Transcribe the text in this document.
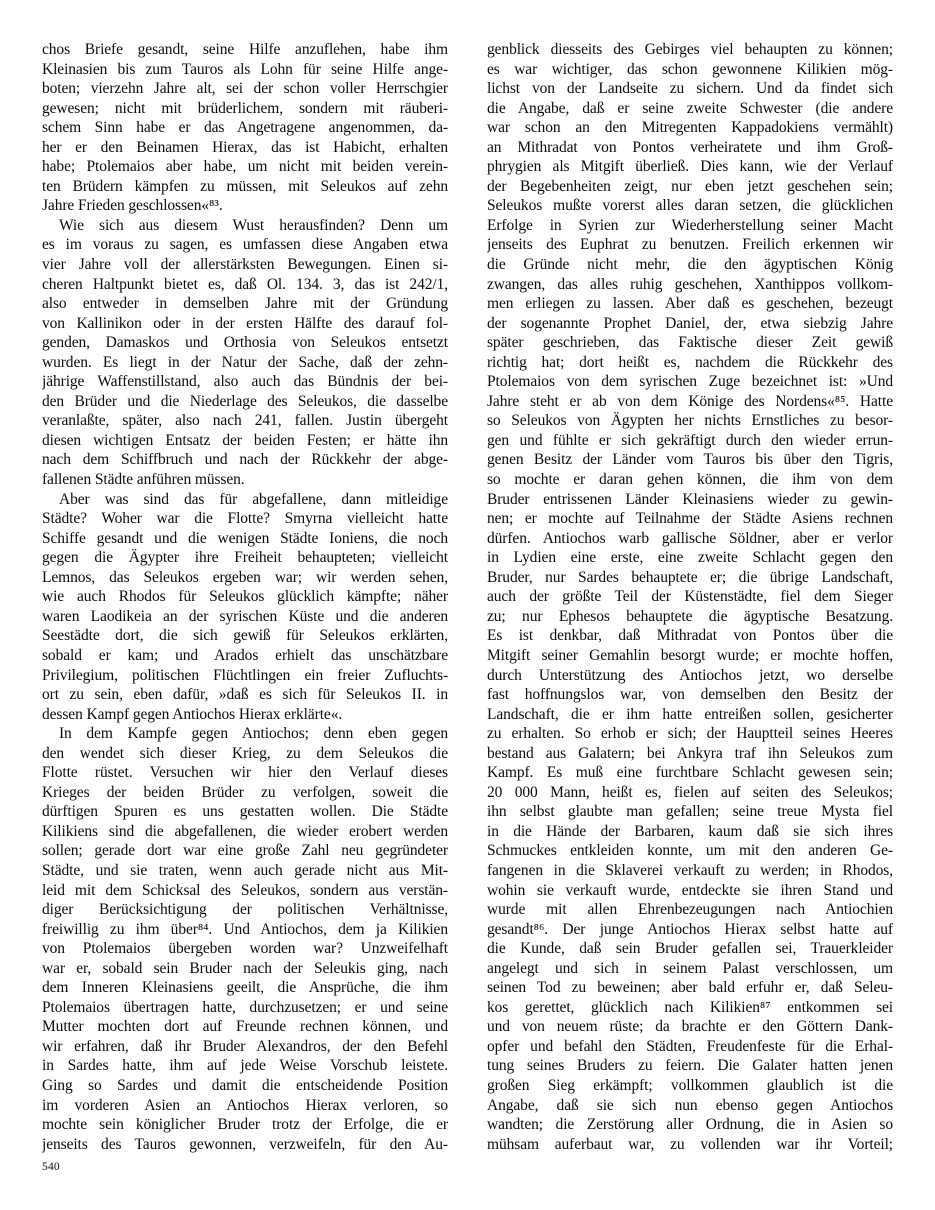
chos Briefe gesandt, seine Hilfe anzuflehen, habe ihm
Kleinasien bis zum Tauros als Lohn für seine Hilfe ange-
boten; vierzehn Jahre alt, sei der schon voller Herrschgier
gewesen; nicht mit brüderlichem, sondern mit räuberi-
schem Sinn habe er das Angetragene angenommen, da-
her er den Beinamen Hierax, das ist Habicht, erhalten
habe; Ptolemaios aber habe, um nicht mit beiden verein-
ten Brüdern kämpfen zu müssen, mit Seleukos auf zehn
Jahre Frieden geschlossen«⁸³.
Wie sich aus diesem Wust herausfinden? Denn um
es im voraus zu sagen, es umfassen diese Angaben etwa
vier Jahre voll der allerstärksten Bewegungen. Einen si-
cheren Haltpunkt bietet es, daß Ol. 134. 3, das ist 242/1,
also entweder in demselben Jahre mit der Gründung
von Kallinikon oder in der ersten Hälfte des darauf fol-
genden, Damaskos und Orthosia von Seleukos entsetzt
wurden. Es liegt in der Natur der Sache, daß der zehn-
jährige Waffenstillstand, also auch das Bündnis der bei-
den Brüder und die Niederlage des Seleukos, die dasselbe
veranlaßte, später, also nach 241, fallen. Justin übergeht
diesen wichtigen Entsatz der beiden Festen; er hätte ihn
nach dem Schiffbruch und nach der Rückkehr der abge-
fallenen Städte anführen müssen.
Aber was sind das für abgefallene, dann mitleidige
Städte? Woher war die Flotte? Smyrna vielleicht hatte
Schiffe gesandt und die wenigen Städte Ioniens, die noch
gegen die Ägypter ihre Freiheit behaupteten; vielleicht
Lemnos, das Seleukos ergeben war; wir werden sehen,
wie auch Rhodos für Seleukos glücklich kämpfte; näher
waren Laodikeia an der syrischen Küste und die anderen
Seestädte dort, die sich gewiß für Seleukos erklärten,
sobald er kam; und Arados erhielt das unschätzbare
Privilegium, politischen Flüchtlingen ein freier Zufluchts-
ort zu sein, eben dafür, »daß es sich für Seleukos II. in
dessen Kampf gegen Antiochos Hierax erklärte«.
In dem Kampfe gegen Antiochos; denn eben gegen
den wendet sich dieser Krieg, zu dem Seleukos die
Flotte rüstet. Versuchen wir hier den Verlauf dieses
Krieges der beiden Brüder zu verfolgen, soweit die
dürftigen Spuren es uns gestatten wollen. Die Städte
Kilikiens sind die abgefallenen, die wieder erobert werden
sollen; gerade dort war eine große Zahl neu gegründeter
Städte, und sie traten, wenn auch gerade nicht aus Mit-
leid mit dem Schicksal des Seleukos, sondern aus verstän-
diger Berücksichtigung der politischen Verhältnisse,
freiwillig zu ihm über⁸⁴. Und Antiochos, dem ja Kilikien
von Ptolemaios übergeben worden war? Unzweifelhaft
war er, sobald sein Bruder nach der Seleukis ging, nach
dem Inneren Kleinasiens geeilt, die Ansprüche, die ihm
Ptolemaios übertragen hatte, durchzusetzen; er und seine
Mutter mochten dort auf Freunde rechnen können, und
wir erfahren, daß ihr Bruder Alexandros, der den Befehl
in Sardes hatte, ihm auf jede Weise Vorschub leistete.
Ging so Sardes und damit die entscheidende Position
im vorderen Asien an Antiochos Hierax verloren, so
mochte sein königlicher Bruder trotz der Erfolge, die er
jenseits des Tauros gewonnen, verzweifeln, für den Au-
genblick diesseits des Gebirges viel behaupten zu können;
es war wichtiger, das schon gewonnene Kilikien mög-
lichst von der Landseite zu sichern. Und da findet sich
die Angabe, daß er seine zweite Schwester (die andere
war schon an den Mitregenten Kappadokiens vermählt)
an Mithradat von Pontos verheiratete und ihm Groß-
phrygien als Mitgift überließ. Dies kann, wie der Verlauf
der Begebenheiten zeigt, nur eben jetzt geschehen sein;
Seleukos mußte vorerst alles daran setzen, die glücklichen
Erfolge in Syrien zur Wiederherstellung seiner Macht
jenseits des Euphrat zu benutzen. Freilich erkennen wir
die Gründe nicht mehr, die den ägyptischen König
zwangen, das alles ruhig geschehen, Xanthippos vollkom-
men erliegen zu lassen. Aber daß es geschehen, bezeugt
der sogenannte Prophet Daniel, der, etwa siebzig Jahre
später geschrieben, das Faktische dieser Zeit gewiß
richtig hat; dort heißt es, nachdem die Rückkehr des
Ptolemaios von dem syrischen Zuge bezeichnet ist: »Und
Jahre steht er ab von dem Könige des Nordens«⁸⁵. Hatte
so Seleukos von Ägypten her nichts Ernstliches zu besor-
gen und fühlte er sich gekräftigt durch den wieder errun-
genen Besitz der Länder vom Tauros bis über den Tigris,
so mochte er daran gehen können, die ihm von dem
Bruder entrissenen Länder Kleinasiens wieder zu gewin-
nen; er mochte auf Teilnahme der Städte Asiens rechnen
dürfen. Antiochos warb gallische Söldner, aber er verlor
in Lydien eine erste, eine zweite Schlacht gegen den
Bruder, nur Sardes behauptete er; die übrige Landschaft,
auch der größte Teil der Küstenstädte, fiel dem Sieger
zu; nur Ephesos behauptete die ägyptische Besatzung.
Es ist denkbar, daß Mithradat von Pontos über die
Mitgift seiner Gemahlin besorgt wurde; er mochte hoffen,
durch Unterstützung des Antiochos jetzt, wo derselbe
fast hoffnungslos war, von demselben den Besitz der
Landschaft, die er ihm hatte entreißen sollen, gesicherter
zu erhalten. So erhob er sich; der Hauptteil seines Heeres
bestand aus Galatern; bei Ankyra traf ihn Seleukos zum
Kampf. Es muß eine furchtbare Schlacht gewesen sein;
20 000 Mann, heißt es, fielen auf seiten des Seleukos;
ihn selbst glaubte man gefallen; seine treue Mysta fiel
in die Hände der Barbaren, kaum daß sie sich ihres
Schmuckes entkleiden konnte, um mit den anderen Ge-
fangenen in die Sklaverei verkauft zu werden; in Rhodos,
wohin sie verkauft wurde, entdeckte sie ihren Stand und
wurde mit allen Ehrenbezeugungen nach Antiochien
gesandt⁸⁶. Der junge Antiochos Hierax selbst hatte auf
die Kunde, daß sein Bruder gefallen sei, Trauerkleider
angelegt und sich in seinem Palast verschlossen, um
seinen Tod zu beweinen; aber bald erfuhr er, daß Seleu-
kos gerettet, glücklich nach Kilikien⁸⁷ entkommen sei
und von neuem rüste; da brachte er den Göttern Dank-
opfer und befahl den Städten, Freudenfeste für die Erhal-
tung seines Bruders zu feiern. Die Galater hatten jenen
großen Sieg erkämpft; vollkommen glaublich ist die
Angabe, daß sie sich nun ebenso gegen Antiochos
wandten; die Zerstörung aller Ordnung, die in Asien so
mühsam auferbaut war, zu vollenden war ihr Vorteil;
540
